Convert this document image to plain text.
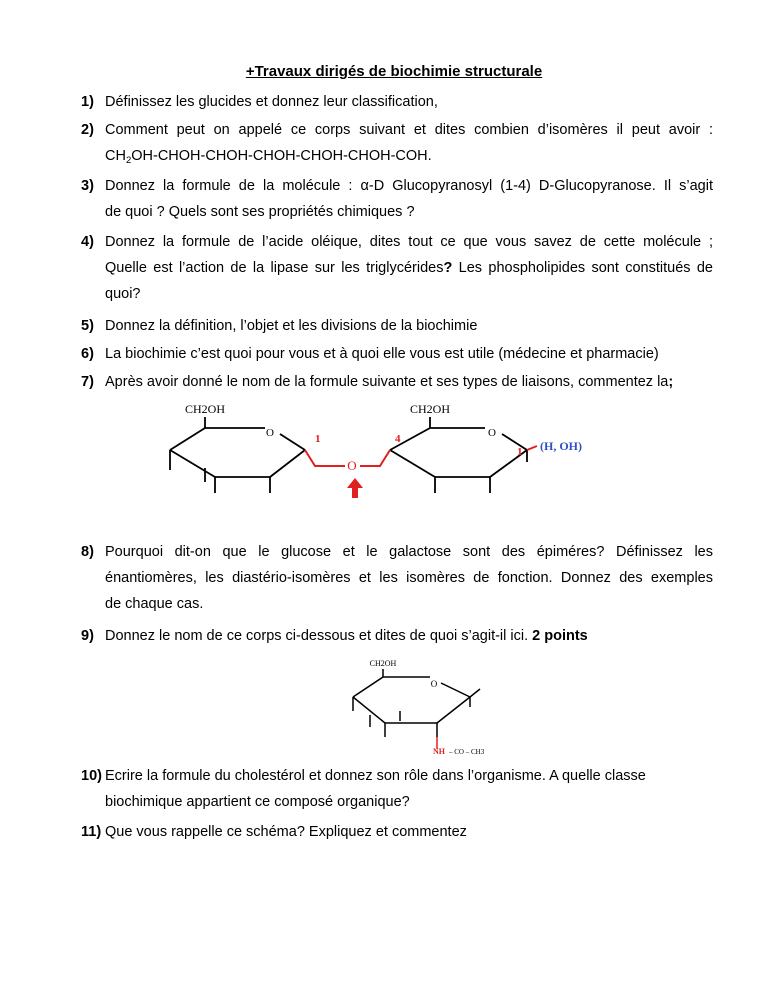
+Travaux dirigés de biochimie structurale
1) Définissez les glucides et donnez leur classification,
2) Comment peut on appelé ce corps suivant et dites combien d’isomères il peut avoir :
$CH_2OH-CHOH-CHOH-CHOH-CHOH-CHOH$-COH.
3) Donnez la formule de la molécule : α-D Glucopyranosyl (1-4) D-Glucopyranose. Il s’agit
de quoi ? Quels sont ses propriétés chimiques ?
4) Donnez la formule de l’acide oléique, dites tout ce que vous savez de cette molécule ;
Quelle est l’action de la lipase sur les triglycérides? Les phospholipides sont constitués de
quoi?
5) Donnez la définition, l’objet et les divisions de la biochimie
6) La biochimie c’est quoi pour vous et à quoi elle vous est utile (médecine et pharmacie)
7) Après avoir donné le nom de la formule suivante et ses types de liaisons, commentez la;
CH2OH	CH2OH
O	O
1	4
1
O
(H, OH)
8) Pourquoi dit-on que le glucose et le galactose sont des épiméres? Définissez les
énantiomères, les diastério-isomères et les isomères de fonction. Donnez des exemples
de chaque cas.
9) Donnez le nom de ce corps ci-dessous et dites de quoi s’agit-il ici. 2 points
CH2OH
O
NH – CO – CH3
10) Ecrire la formule du cholestérol et donnez son rôle dans l’organisme. A quelle classe
biochimique appartient ce composé organique?
11) Que vous rappelle ce schéma? Expliquez et commentez
